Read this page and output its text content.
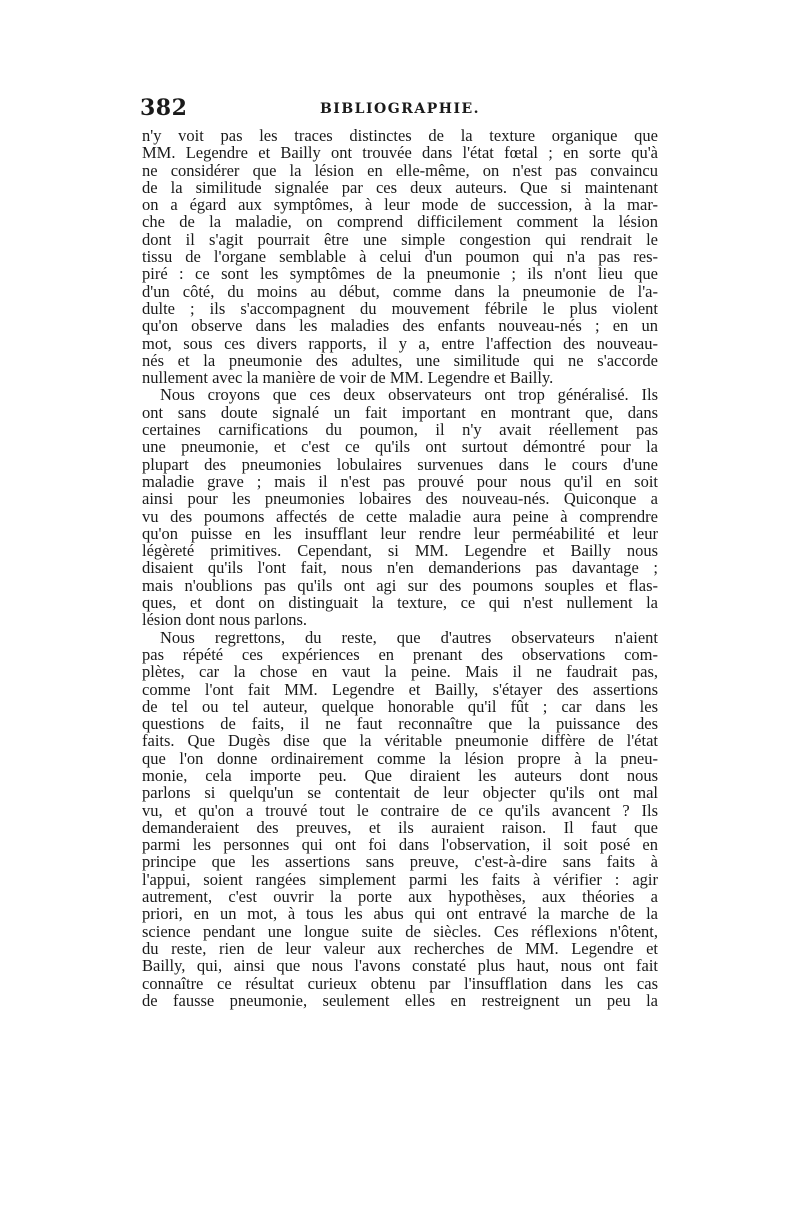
382	BIBLIOGRAPHIE.
n'y voit pas les traces distinctes de la texture organique que
MM. Legendre et Bailly ont trouvée dans l'état fœtal ; en sorte qu'à
ne considérer que la lésion en elle-même, on n'est pas convaincu
de la similitude signalée par ces deux auteurs. Que si maintenant
on a égard aux symptômes, à leur mode de succession, à la mar-
che de la maladie, on comprend difficilement comment la lésion
dont il s'agit pourrait être une simple congestion qui rendrait le
tissu de l'organe semblable à celui d'un poumon qui n'a pas res-
piré : ce sont les symptômes de la pneumonie ; ils n'ont lieu que
d'un côté, du moins au début, comme dans la pneumonie de l'a-
dulte ; ils s'accompagnent du mouvement fébrile le plus violent
qu'on observe dans les maladies des enfants nouveau-nés ; en un
mot, sous ces divers rapports, il y a, entre l'affection des nouveau-
nés et la pneumonie des adultes, une similitude qui ne s'accorde
nullement avec la manière de voir de MM. Legendre et Bailly.
Nous croyons que ces deux observateurs ont trop généralisé. Ils
ont sans doute signalé un fait important en montrant que, dans
certaines carnifications du poumon, il n'y avait réellement pas
une pneumonie, et c'est ce qu'ils ont surtout démontré pour la
plupart des pneumonies lobulaires survenues dans le cours d'une
maladie grave ; mais il n'est pas prouvé pour nous qu'il en soit
ainsi pour les pneumonies lobaires des nouveau-nés. Quiconque a
vu des poumons affectés de cette maladie aura peine à comprendre
qu'on puisse en les insufflant leur rendre leur perméabilité et leur
légèreté primitives. Cependant, si MM. Legendre et Bailly nous
disaient qu'ils l'ont fait, nous n'en demanderions pas davantage ;
mais n'oublions pas qu'ils ont agi sur des poumons souples et flas-
ques, et dont on distinguait la texture, ce qui n'est nullement la
lésion dont nous parlons.
Nous regrettons, du reste, que d'autres observateurs n'aient
pas répété ces expériences en prenant des observations com-
plètes, car la chose en vaut la peine. Mais il ne faudrait pas,
comme l'ont fait MM. Legendre et Bailly, s'étayer des assertions
de tel ou tel auteur, quelque honorable qu'il fût ; car dans les
questions de faits, il ne faut reconnaître que la puissance des
faits. Que Dugès dise que la véritable pneumonie diffère de l'état
que l'on donne ordinairement comme la lésion propre à la pneu-
monie, cela importe peu. Que diraient les auteurs dont nous
parlons si quelqu'un se contentait de leur objecter qu'ils ont mal
vu, et qu'on a trouvé tout le contraire de ce qu'ils avancent ? Ils
demanderaient des preuves, et ils auraient raison. Il faut que
parmi les personnes qui ont foi dans l'observation, il soit posé en
principe que les assertions sans preuve, c'est-à-dire sans faits à
l'appui, soient rangées simplement parmi les faits à vérifier : agir
autrement, c'est ouvrir la porte aux hypothèses, aux théories a
priori, en un mot, à tous les abus qui ont entravé la marche de la
science pendant une longue suite de siècles. Ces réflexions n'ôtent,
du reste, rien de leur valeur aux recherches de MM. Legendre et
Bailly, qui, ainsi que nous l'avons constaté plus haut, nous ont fait
connaître ce résultat curieux obtenu par l'insufflation dans les cas
de fausse pneumonie, seulement elles en restreignent un peu la
